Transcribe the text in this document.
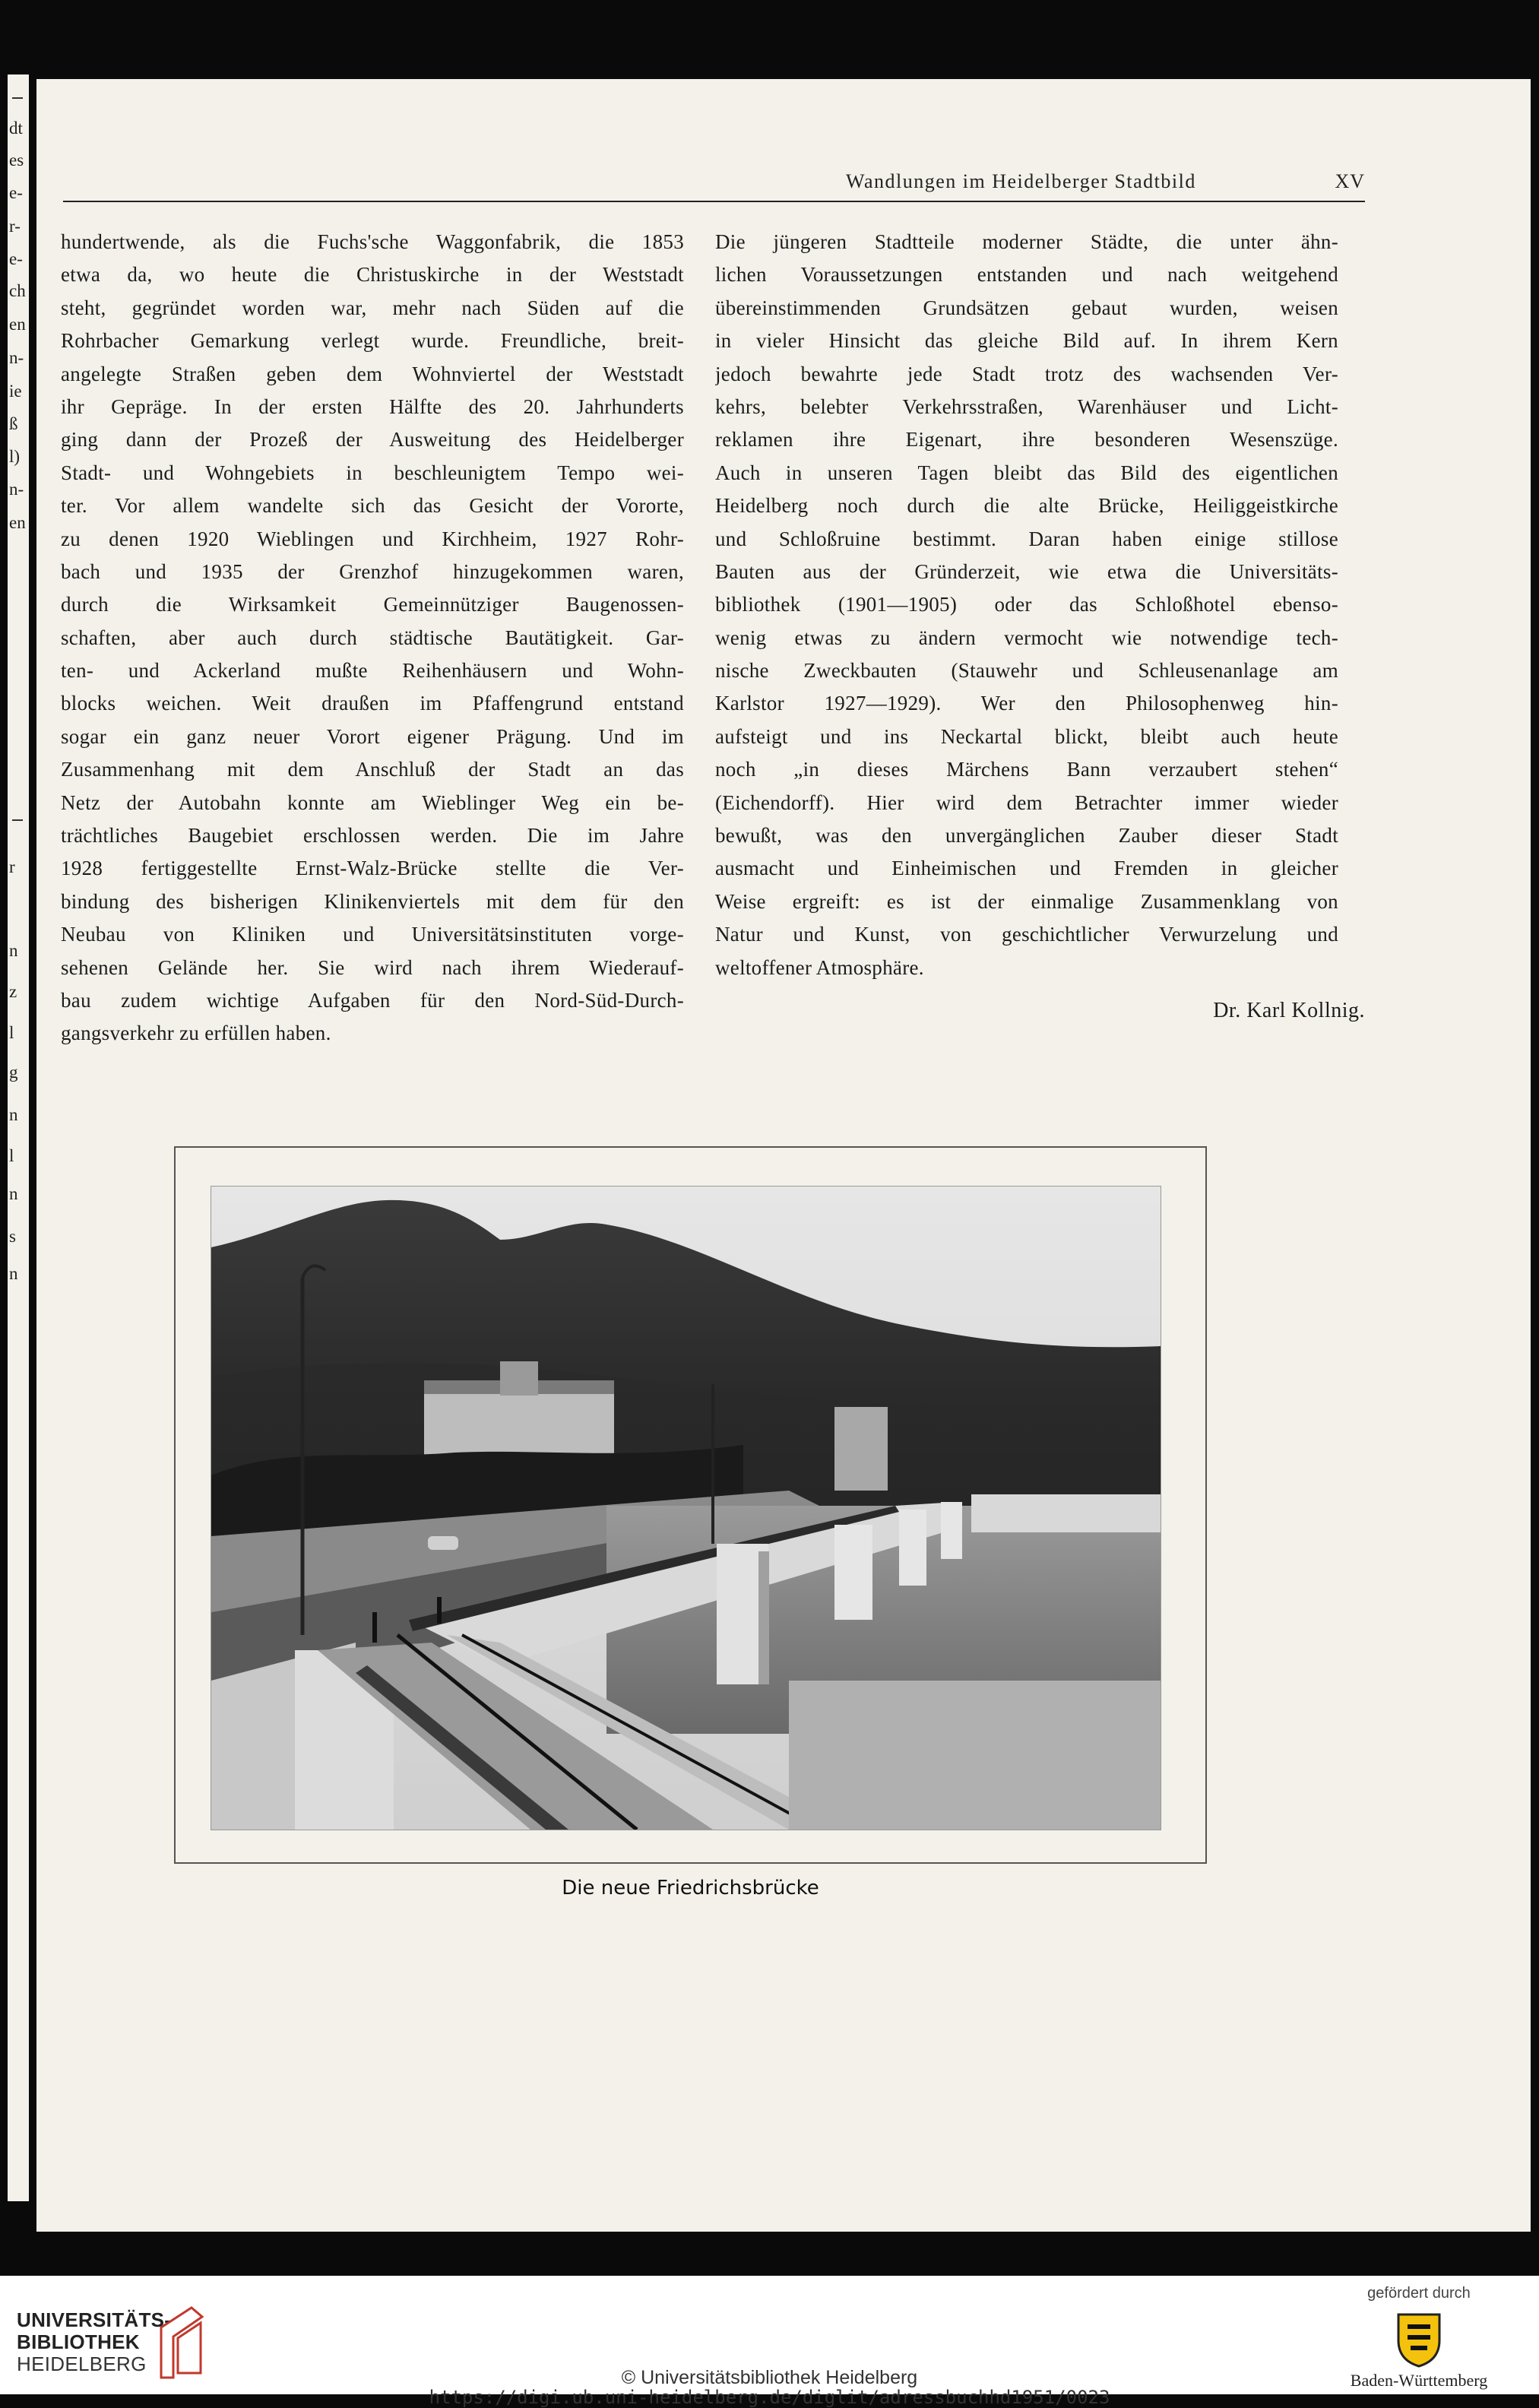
dt
es
e-
r-
e-
ch
en
n-
ie
ß
l)
n-
en
r
n
z
l
g
n
l
n
s
n
Wandlungen im Heidelberger Stadtbild	XV
hundertwende, als die Fuchs'sche Waggonfabrik, die 1853
etwa da, wo heute die Christuskirche in der Weststadt
steht, gegründet worden war, mehr nach Süden auf die
Rohrbacher Gemarkung verlegt wurde. Freundliche, breit-
angelegte Straßen geben dem Wohnviertel der Weststadt
ihr Gepräge. In der ersten Hälfte des 20. Jahrhunderts
ging dann der Prozeß der Ausweitung des Heidelberger
Stadt- und Wohngebiets in beschleunigtem Tempo wei-
ter. Vor allem wandelte sich das Gesicht der Vororte,
zu denen 1920 Wieblingen und Kirchheim, 1927 Rohr-
bach und 1935 der Grenzhof hinzugekommen waren,
durch die Wirksamkeit Gemeinnütziger Baugenossen-
schaften, aber auch durch städtische Bautätigkeit. Gar-
ten- und Ackerland mußte Reihenhäusern und Wohn-
blocks weichen. Weit draußen im Pfaffengrund entstand
sogar ein ganz neuer Vorort eigener Prägung. Und im
Zusammenhang mit dem Anschluß der Stadt an das
Netz der Autobahn konnte am Wieblinger Weg ein be-
trächtliches Baugebiet erschlossen werden. Die im Jahre
1928 fertiggestellte Ernst-Walz-Brücke stellte die Ver-
bindung des bisherigen Klinikenviertels mit dem für den
Neubau von Kliniken und Universitätsinstituten vorge-
sehenen Gelände her. Sie wird nach ihrem Wiederauf-
bau zudem wichtige Aufgaben für den Nord-Süd-Durch-
gangsverkehr zu erfüllen haben.
Die jüngeren Stadtteile moderner Städte, die unter ähn-
lichen Voraussetzungen entstanden und nach weitgehend
übereinstimmenden Grundsätzen gebaut wurden, weisen
in vieler Hinsicht das gleiche Bild auf. In ihrem Kern
jedoch bewahrte jede Stadt trotz des wachsenden Ver-
kehrs, belebter Verkehrsstraßen, Warenhäuser und Licht-
reklamen ihre Eigenart, ihre besonderen Wesenszüge.
Auch in unseren Tagen bleibt das Bild des eigentlichen
Heidelberg noch durch die alte Brücke, Heiliggeistkirche
und Schloßruine bestimmt. Daran haben einige stillose
Bauten aus der Gründerzeit, wie etwa die Universitäts-
bibliothek (1901—1905) oder das Schloßhotel ebenso-
wenig etwas zu ändern vermocht wie notwendige tech-
nische Zweckbauten (Stauwehr und Schleusenanlage am
Karlstor 1927—1929). Wer den Philosophenweg hin-
aufsteigt und ins Neckartal blickt, bleibt auch heute
noch „in dieses Märchens Bann verzaubert stehen“
(Eichendorff). Hier wird dem Betrachter immer wieder
bewußt, was den unvergänglichen Zauber dieser Stadt
ausmacht und Einheimischen und Fremden in gleicher
Weise ergreift: es ist der einmalige Zusammenklang von
Natur und Kunst, von geschichtlicher Verwurzelung und
weltoffener Atmosphäre.
Dr. Karl Kollnig.
Die neue Friedrichsbrücke
UNIVERSITÄTS-
BIBLIOTHEK
HEIDELBERG
© Universitätsbibliothek Heidelberg
https://digi.ub.uni-heidelberg.de/diglit/adressbuchhd1951/0023
gefördert durch
Baden-Württemberg
